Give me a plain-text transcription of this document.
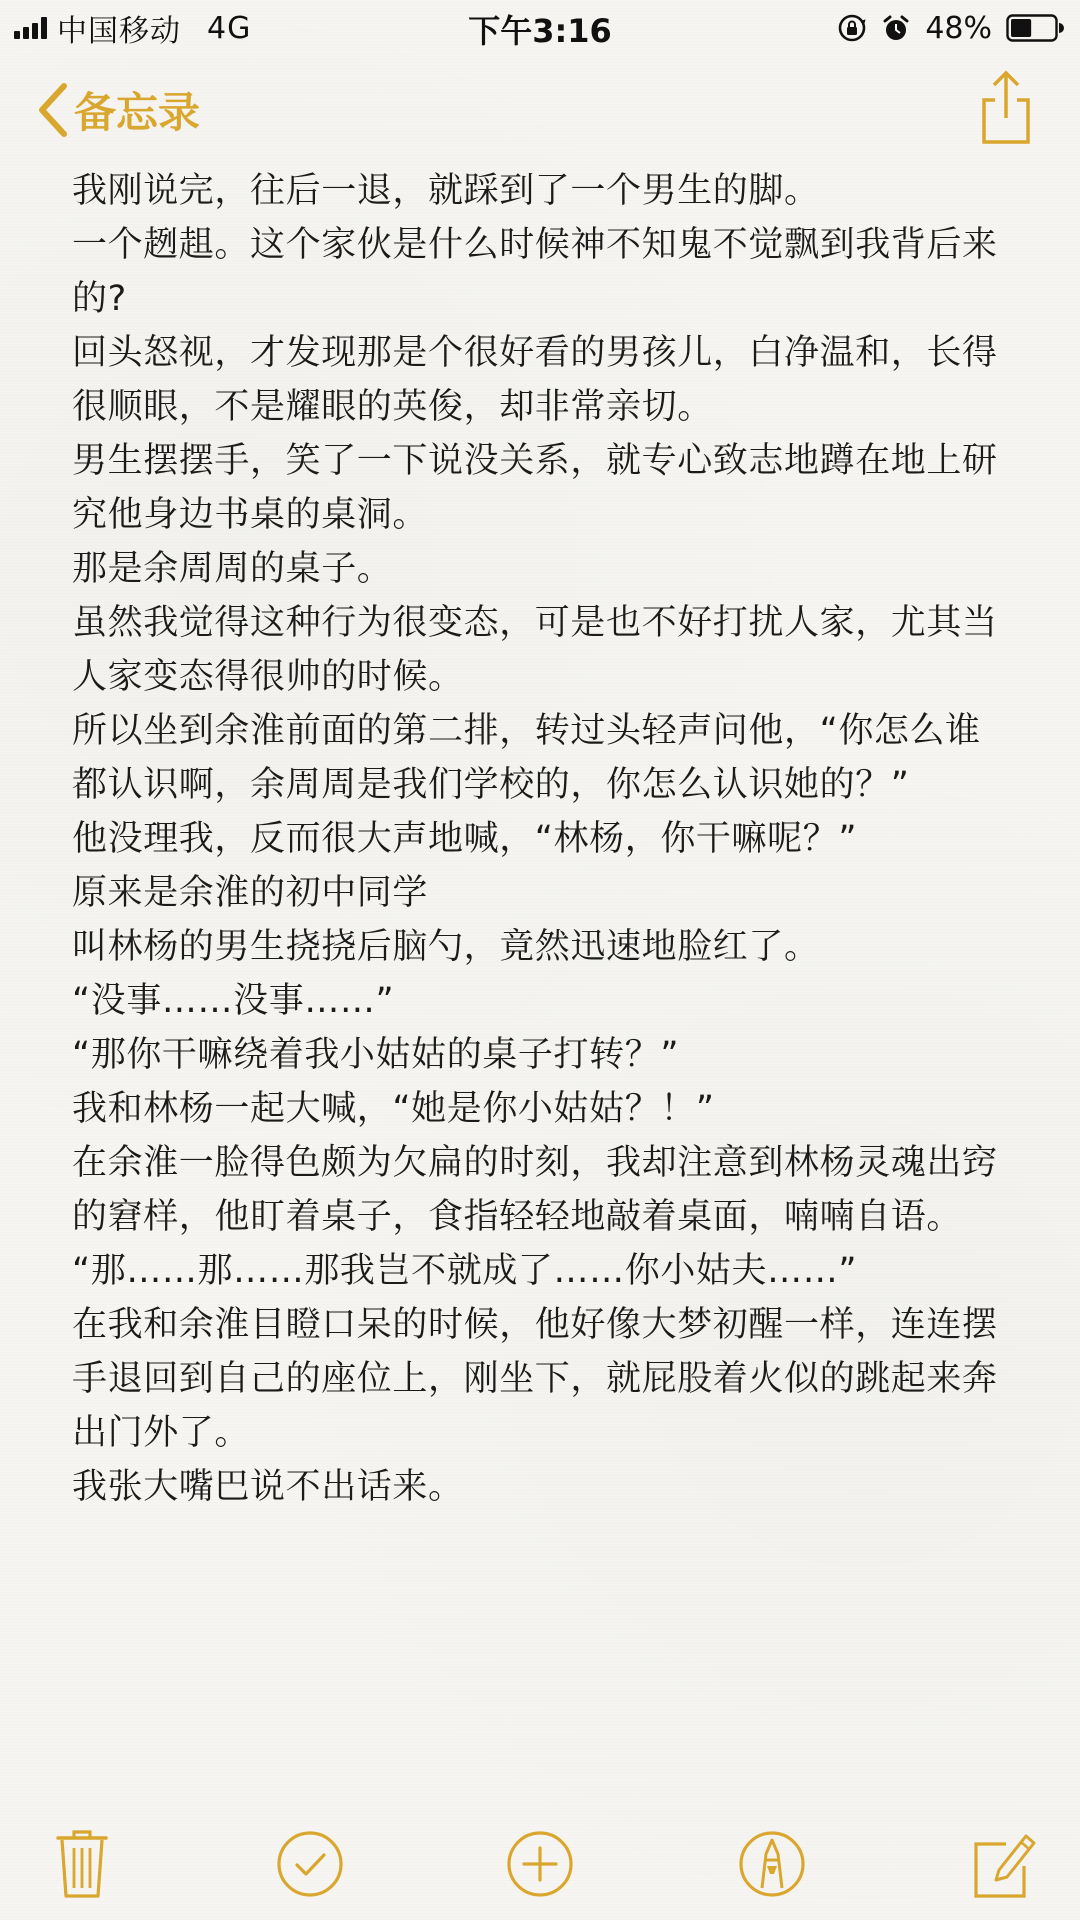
中国移动 4G	下午3:16	48%
备忘录

我刚说完，往后一退，就踩到了一个男生的脚。

一个趔趄。这个家伙是什么时候神不知鬼不觉飘到我背后来的?

回头怒视，才发现那是个很好看的男孩儿，白净温和，长得很顺眼，不是耀眼的英俊，却非常亲切。

男生摆摆手，笑了一下说没关系，就专心致志地蹲在地上研究他身边书桌的桌洞。

那是余周周的桌子。

虽然我觉得这种行为很变态，可是也不好打扰人家，尤其当人家变态得很帅的时候。

所以坐到余淮前面的第二排，转过头轻声问他，“你怎么谁都认识啊，余周周是我们学校的，你怎么认识她的？”

他没理我，反而很大声地喊，“林杨，你干嘛呢？”

原来是余淮的初中同学

叫林杨的男生挠挠后脑勺，竟然迅速地脸红了。

“没事……没事……”

“那你干嘛绕着我小姑姑的桌子打转？”

我和林杨一起大喊，“她是你小姑姑？！”

在余淮一脸得色颇为欠扁的时刻，我却注意到林杨灵魂出窍的窘样，他盯着桌子，食指轻轻地敲着桌面，喃喃自语。

“那……那……那我岂不就成了……你小姑夫……”

在我和余淮目瞪口呆的时候，他好像大梦初醒一样，连连摆手退回到自己的座位上，刚坐下，就屁股着火似的跳起来奔出门外了。

我张大嘴巴说不出话来。
